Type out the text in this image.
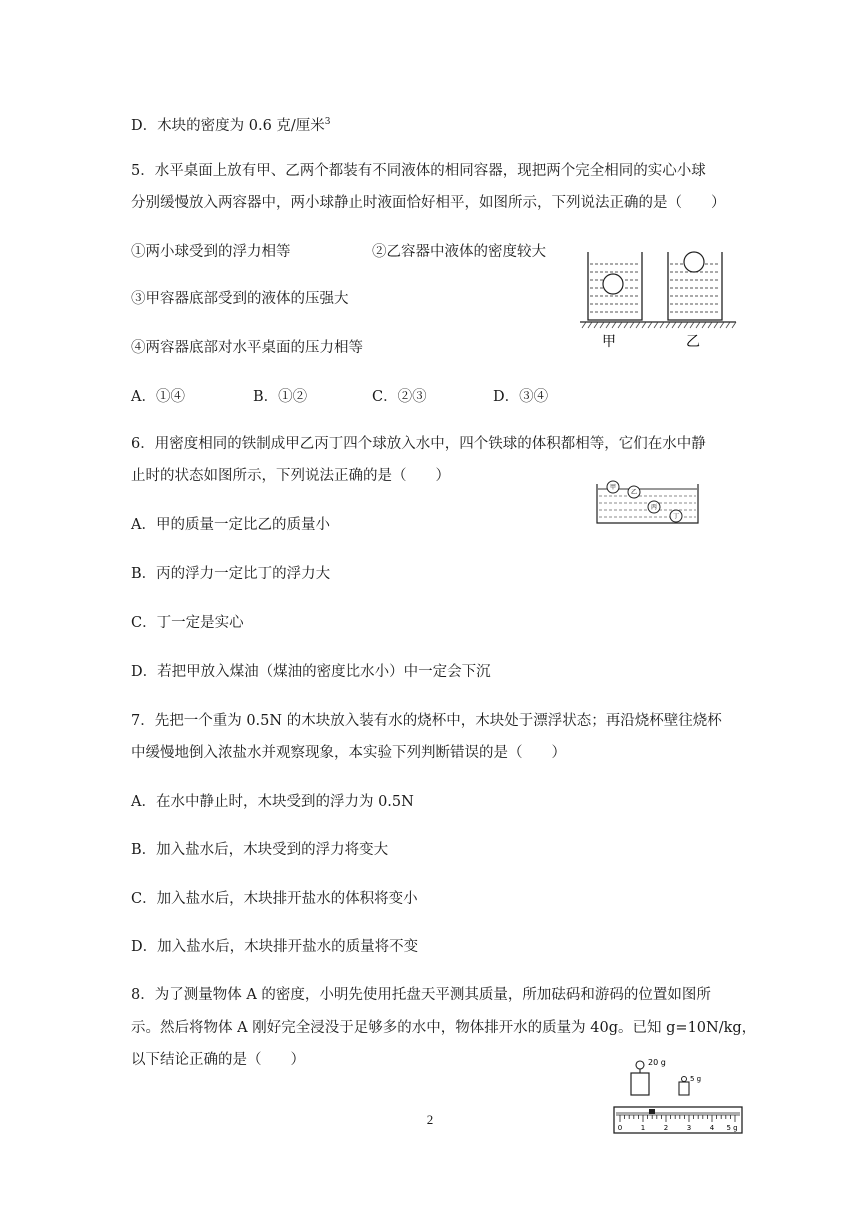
D．木块的密度为 0.6 克/厘米$^3$
5．水平桌面上放有甲、乙两个都装有不同液体的相同容器，现把两个完全相同的实心小球
分别缓慢放入两容器中，两小球静止时液面恰好相平，如图所示，下列说法正确的是（　　）
①两小球受到的浮力相等	②乙容器中液体的密度较大
③甲容器底部受到的液体的压强大
④两容器底部对水平桌面的压力相等
A．①④	B．①②	C．②③	D．③④
甲	乙
6．用密度相同的铁制成甲乙丙丁四个球放入水中，四个铁球的体积都相等，它们在水中静
止时的状态如图所示，下列说法正确的是（　　）
A．甲的质量一定比乙的质量小
B．丙的浮力一定比丁的浮力大
C．丁一定是实心
D．若把甲放入煤油（煤油的密度比水小）中一定会下沉
甲
乙
丙
丁
7．先把一个重为 0.5N 的木块放入装有水的烧杯中，木块处于漂浮状态；再沿烧杯壁往烧杯
中缓慢地倒入浓盐水并观察现象，本实验下列判断错误的是（　　）
A．在水中静止时，木块受到的浮力为 0.5N
B．加入盐水后，木块受到的浮力将变大
C．加入盐水后，木块排开盐水的体积将变小
D．加入盐水后，木块排开盐水的质量将不变
8．为了测量物体 A 的密度，小明先使用托盘天平测其质量，所加砝码和游码的位置如图所
示。然后将物体 A 刚好完全浸没于足够多的水中，物体排开水的质量为 40g。已知 g=10N/kg，
以下结论正确的是（　　）	20 g
5 g
0	1	2	3	4 5 g
2
